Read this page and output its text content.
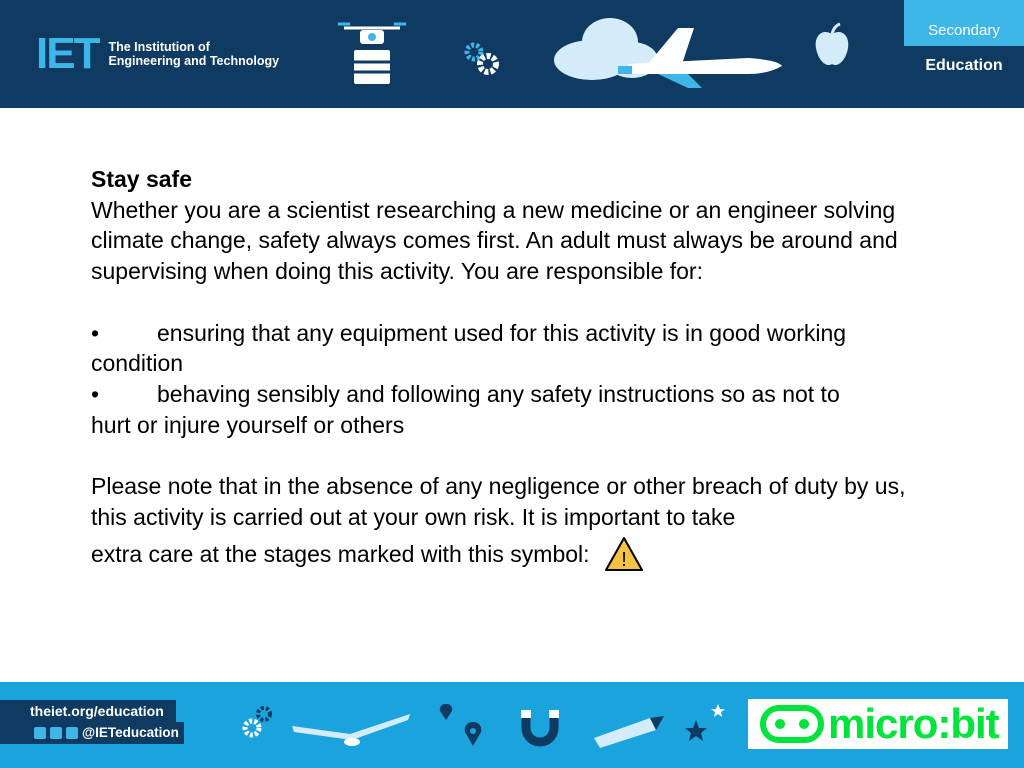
IET The Institution of
Engineering and Technology
Secondary
Education

Stay safe

Whether you are a scientist researching a new medicine or an engineer solving climate change, safety always comes first. An adult must always be around and supervising when doing this activity. You are responsible for:

•	ensuring that any equipment used for this activity is in good working
condition
•	behaving sensibly and following any safety instructions so as not to
hurt or injure yourself or others

Please note that in the absence of any negligence or other breach of duty by us, this activity is carried out at your own risk. It is important to take

extra care at the stages marked with this symbol: !
theiet.org/education
@IETeducation	micro:bit
